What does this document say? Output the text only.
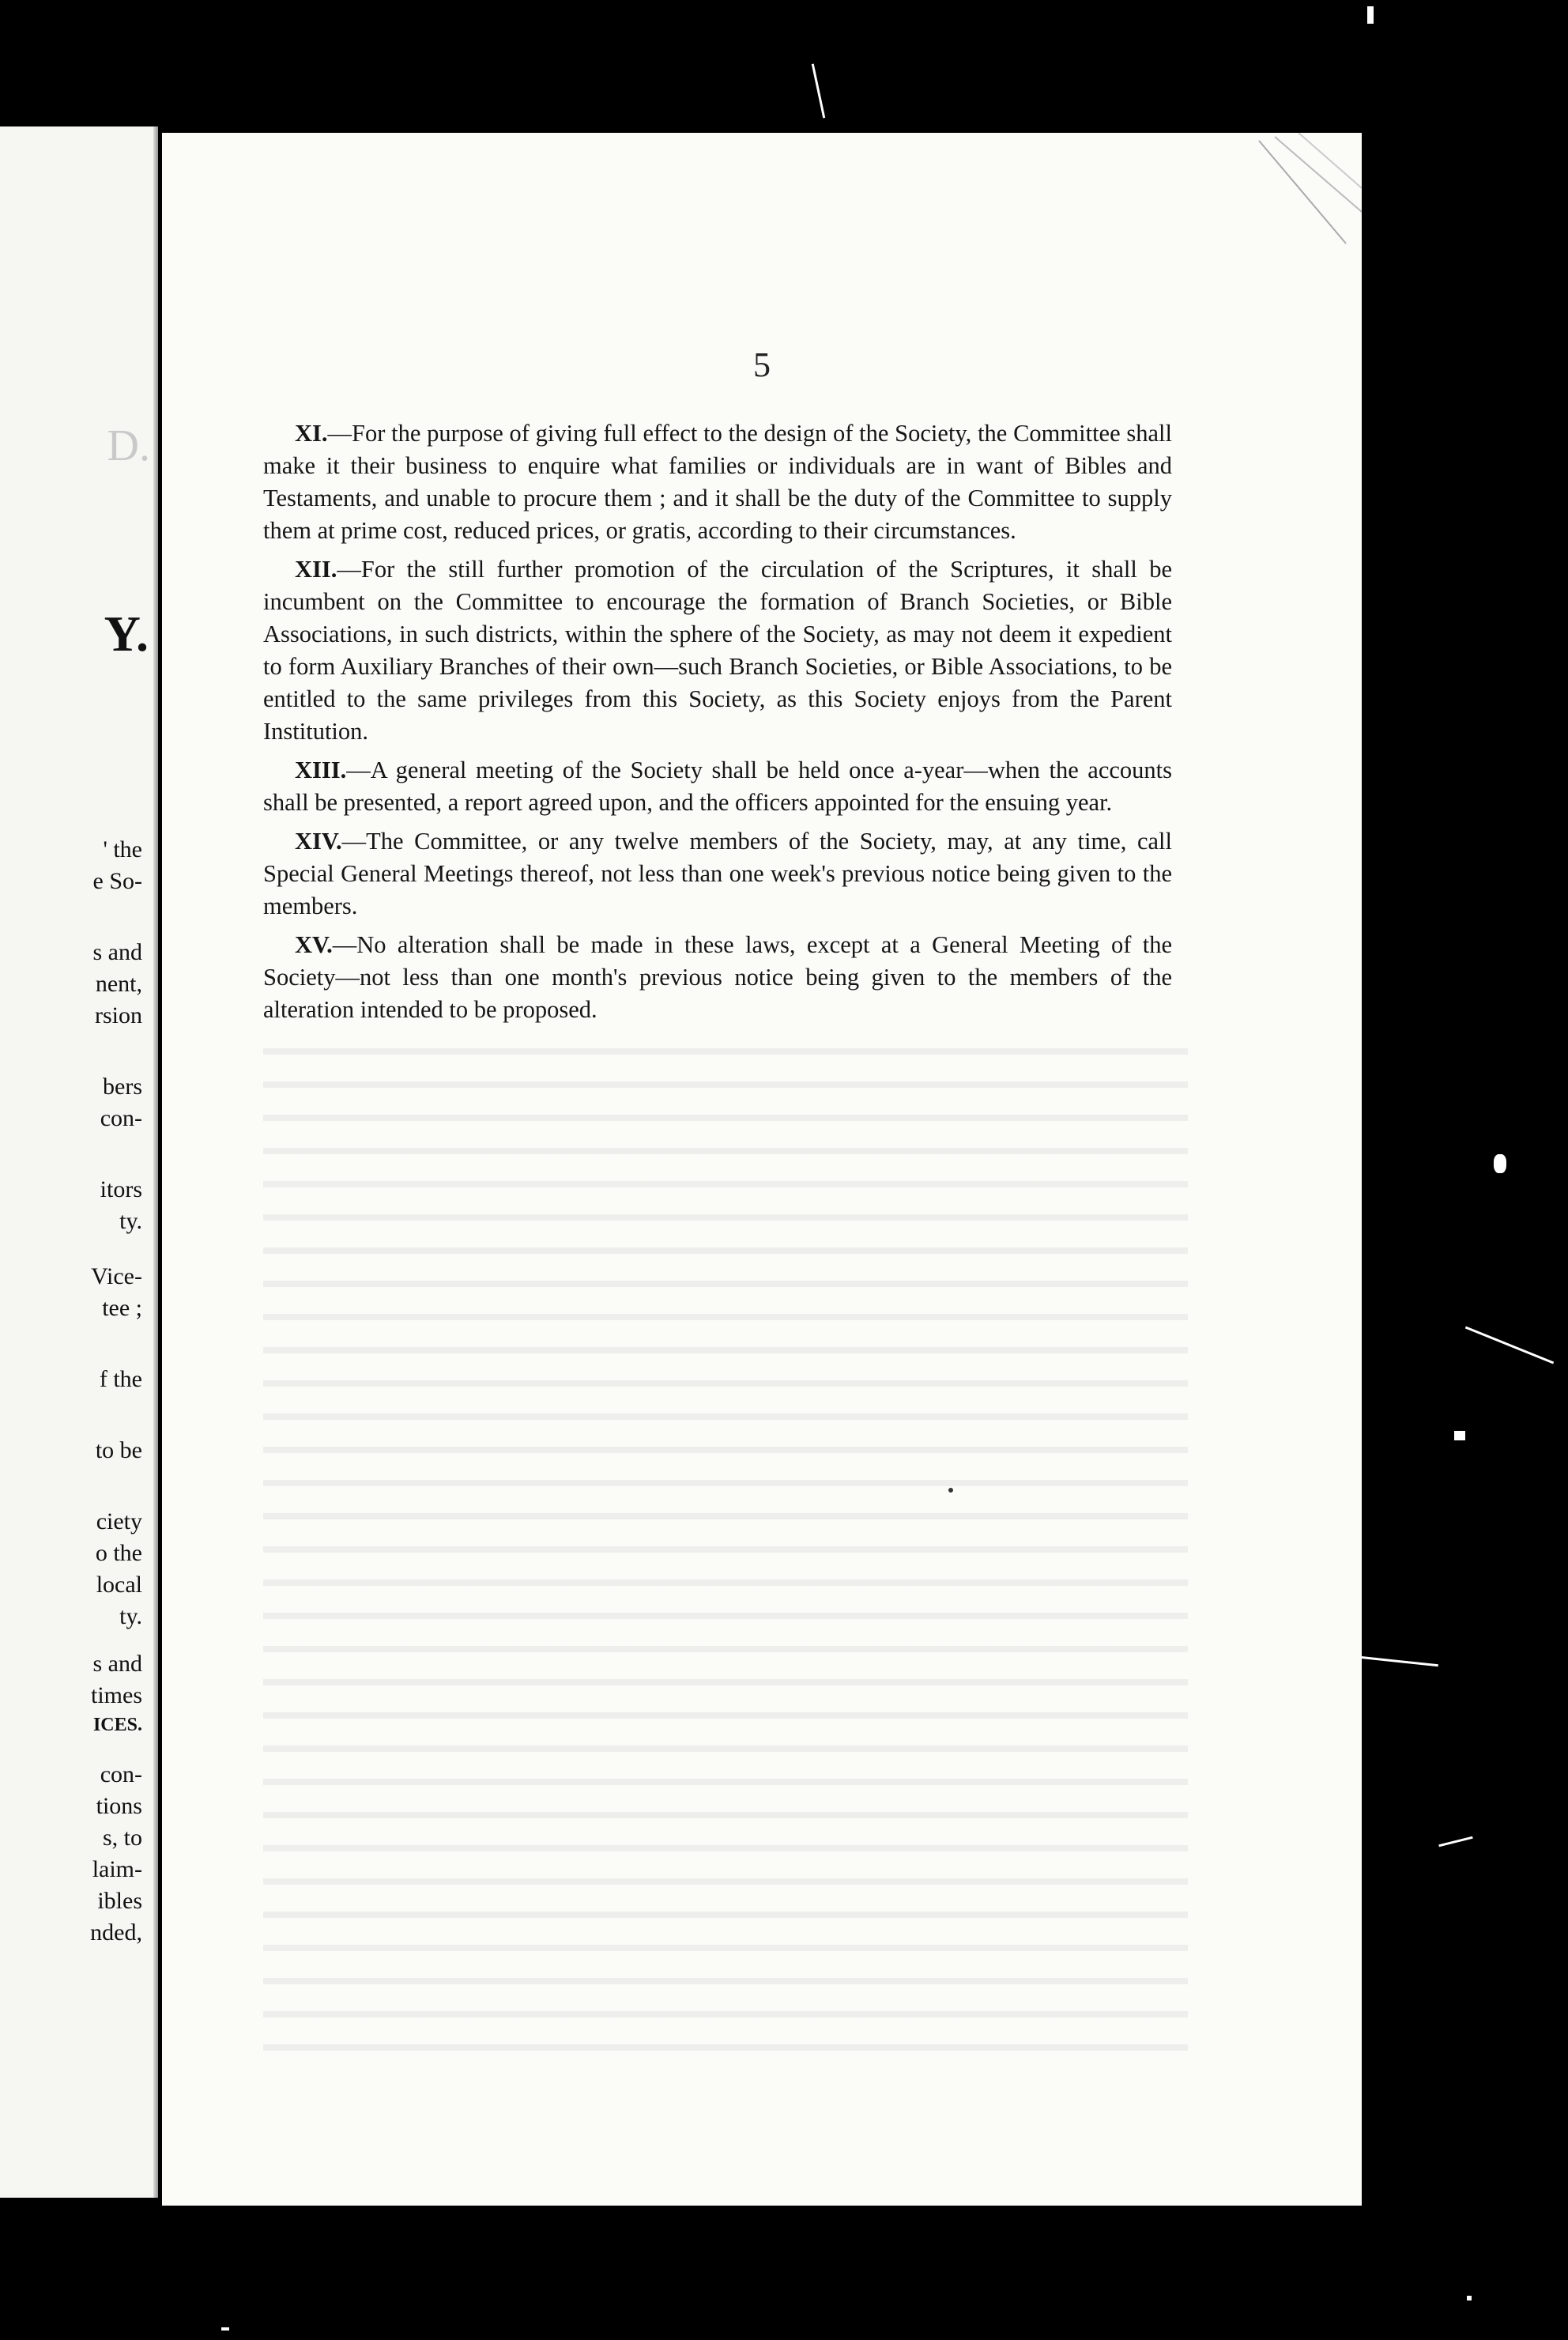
D.
Y.
' the
e So-
s and
nent,
rsion
bers
con-
itors
ty.
Vice-
tee ;
f the
to be
ciety
o the
local
ty.
s and
times
ICES.
con-
tions
s, to
laim-
ibles
nded,
5

XI.—For the purpose of giving full effect to the design of the Society, the Committee shall make it their business to enquire what families or individuals are in want of Bibles and Testaments, and unable to procure them ; and it shall be the duty of the Committee to supply them at prime cost, reduced prices, or gratis, according to their circumstances.

XII.—For the still further promotion of the circulation of the Scriptures, it shall be incumbent on the Committee to encourage the formation of Branch Societies, or Bible Associations, in such districts, within the sphere of the Society, as may not deem it expedient to form Auxiliary Branches of their own—such Branch Societies, or Bible Associations, to be entitled to the same privileges from this Society, as this Society enjoys from the Parent Institution.

XIII.—A general meeting of the Society shall be held once a-year—when the accounts shall be presented, a report agreed upon, and the officers appointed for the ensuing year.

XIV.—The Committee, or any twelve members of the Society, may, at any time, call Special General Meetings thereof, not less than one week's previous notice being given to the members.

XV.—No alteration shall be made in these laws, except at a General Meeting of the Society—not less than one month's previous notice being given to the members of the alteration intended to be proposed.
